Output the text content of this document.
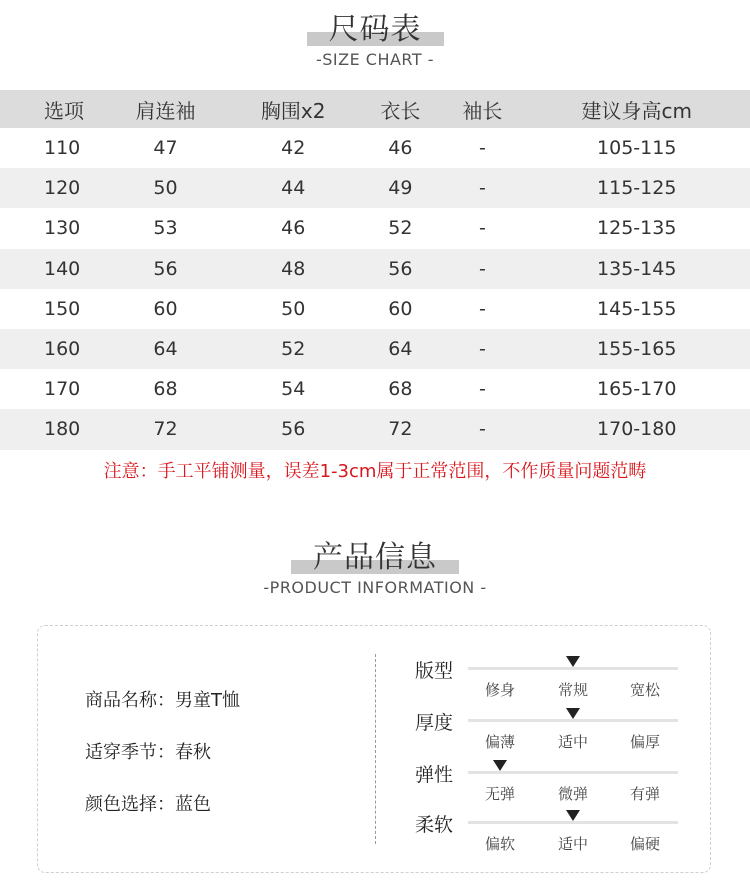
尺码表
-SIZE CHART -
选项	肩连袖	胸围x2	衣长	袖长	建议身高cm
110	47	42	46	-	105-115
120	50	44	49	-	115-125
130	53	46	52	-	125-135
140	56	48	56	-	135-145
150	60	50	60	-	145-155
160	64	52	64	-	155-165
170	68	54	68	-	165-170
180	72	56	72	-	170-180
注意：手工平铺测量，误差1-3cm属于正常范围，不作质量问题范畴
产品信息
-PRODUCT INFORMATION -
商品名称：男童T恤
适穿季节：春秋
颜色选择：蓝色
版型
修身	常规	宽松
厚度
偏薄	适中	偏厚
弹性
无弹	微弹	有弹
柔软
偏软	适中	偏硬
